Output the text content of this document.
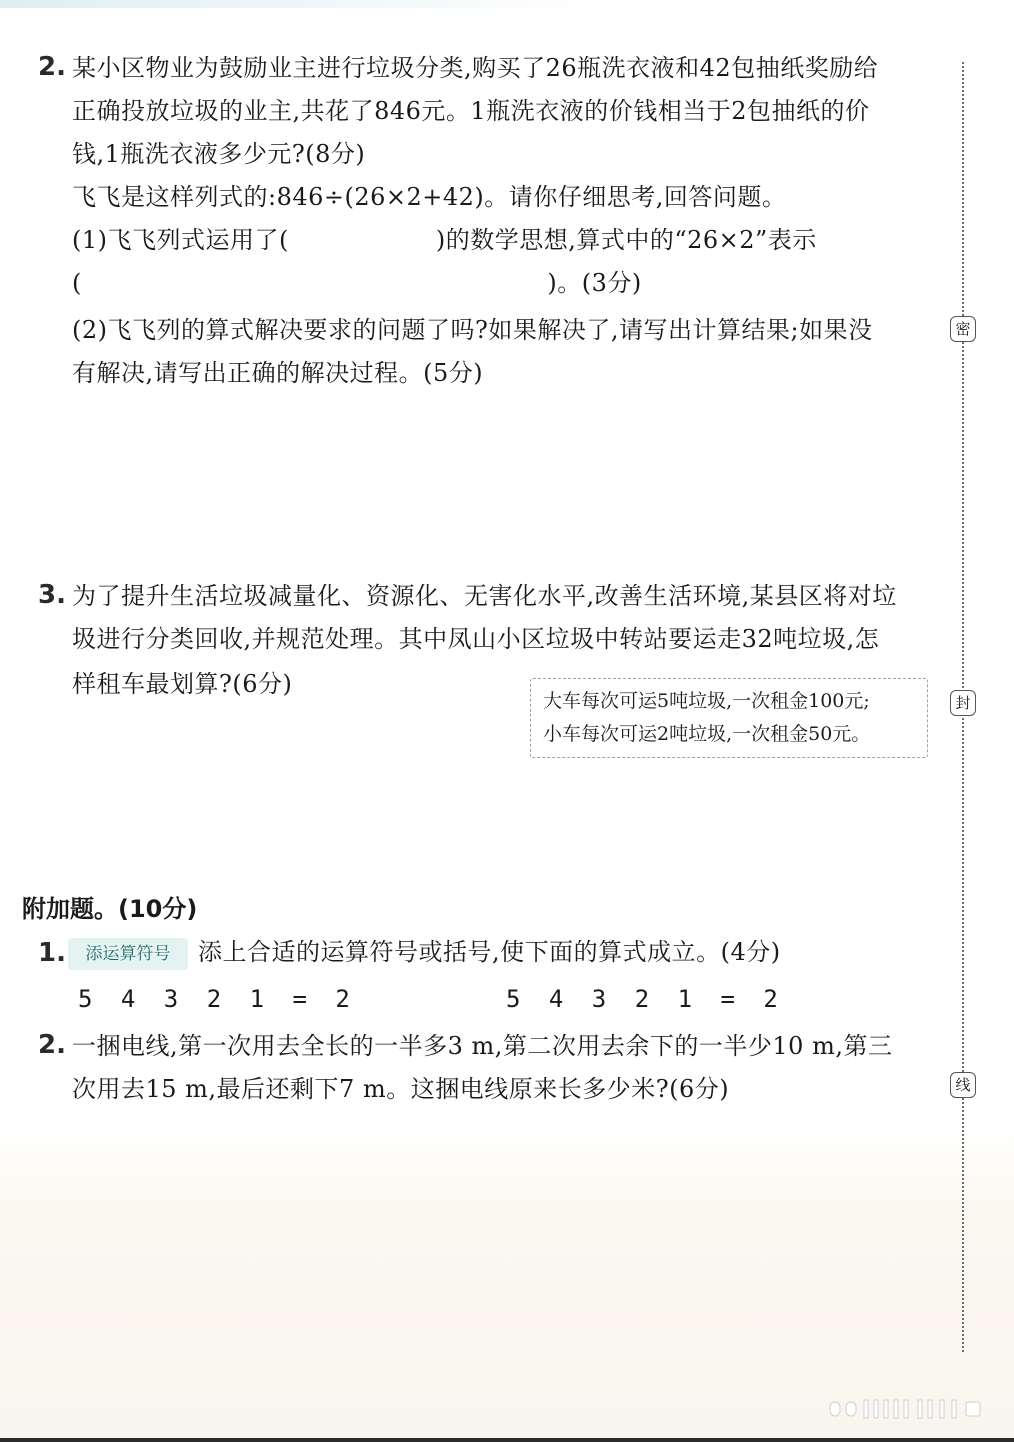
2. 某小区物业为鼓励业主进行垃圾分类,购买了26瓶洗衣液和42包抽纸奖励给
正确投放垃圾的业主,共花了846元。1瓶洗衣液的价钱相当于2包抽纸的价
钱,1瓶洗衣液多少元?(8分)
飞飞是这样列式的:846÷(26×2+42)。请你仔细思考,回答问题。
(1)飞飞列式运用了(　　　　　　)的数学思想,算式中的“26×2”表示
(　　　　　　　　　　　　　　　　　　　)。(3分)
(2)飞飞列的算式解决要求的问题了吗?如果解决了,请写出计算结果;如果没
有解决,请写出正确的解决过程。(5分)
3. 为了提升生活垃圾减量化、资源化、无害化水平,改善生活环境,某县区将对垃
圾进行分类回收,并规范处理。其中凤山小区垃圾中转站要运走32吨垃圾,怎
样租车最划算?(6分)
大车每次可运5吨垃圾,一次租金100元;
小车每次可运2吨垃圾,一次租金50元。
附加题。(10分)
1.	添运算符号	添上合适的运算符号或括号,使下面的算式成立。(4分)
5 4 3 2 1 = 2	5 4 3 2 1 = 2
2. 一捆电线,第一次用去全长的一半多3 m,第二次用去余下的一半少10 m,第三
次用去15 m,最后还剩下7 m。这捆电线原来长多少米?(6分)
密
封
线
